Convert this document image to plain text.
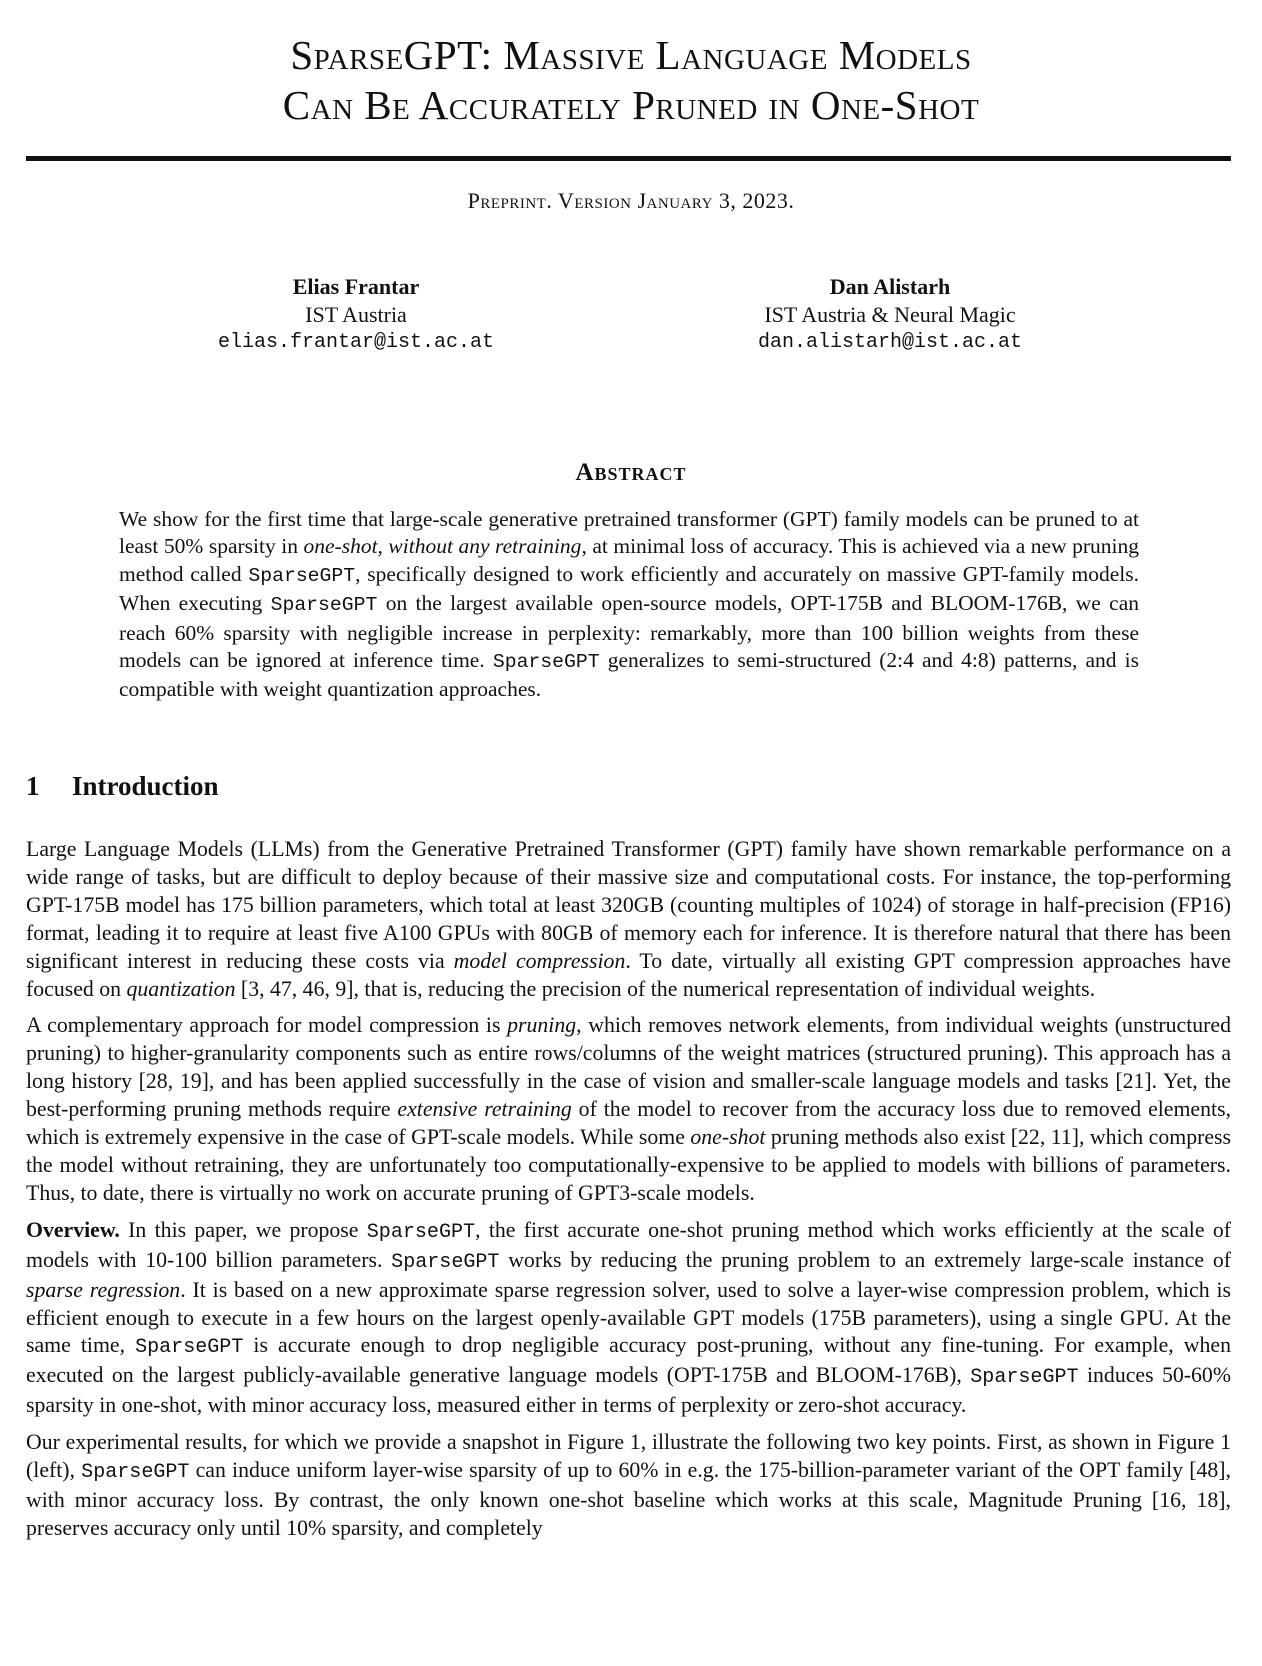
SparseGPT: Massive Language Models
Can Be Accurately Pruned in One-Shot
Preprint. Version January 3, 2023.
Elias Frantar
IST Austria
elias.frantar@ist.ac.at
Dan Alistarh
IST Austria & Neural Magic
dan.alistarh@ist.ac.at
Abstract
We show for the first time that large-scale generative pretrained transformer (GPT) family models can be pruned to at least 50% sparsity in one-shot, without any retraining, at minimal loss of accuracy. This is achieved via a new pruning method called SparseGPT, specifically designed to work efficiently and accurately on massive GPT-family models. When executing SparseGPT on the largest available open-source models, OPT-175B and BLOOM-176B, we can reach 60% sparsity with negligible increase in perplexity: remarkably, more than 100 billion weights from these models can be ignored at inference time. SparseGPT generalizes to semi-structured (2:4 and 4:8) patterns, and is compatible with weight quantization approaches.
1 Introduction

Large Language Models (LLMs) from the Generative Pretrained Transformer (GPT) family have shown remarkable performance on a wide range of tasks, but are difficult to deploy because of their massive size and computational costs. For instance, the top-performing GPT-175B model has 175 billion parameters, which total at least 320GB (counting multiples of 1024) of storage in half-precision (FP16) format, leading it to require at least five A100 GPUs with 80GB of memory each for inference. It is therefore natural that there has been significant interest in reducing these costs via model compression. To date, virtually all existing GPT compression approaches have focused on quantization [3, 47, 46, 9], that is, reducing the precision of the numerical representation of individual weights.

A complementary approach for model compression is pruning, which removes network elements, from individual weights (unstructured pruning) to higher-granularity components such as entire rows/columns of the weight matrices (structured pruning). This approach has a long history [28, 19], and has been applied successfully in the case of vision and smaller-scale language models and tasks [21]. Yet, the best-performing pruning methods require extensive retraining of the model to recover from the accuracy loss due to removed elements, which is extremely expensive in the case of GPT-scale models. While some one-shot pruning methods also exist [22, 11], which compress the model without retraining, they are unfortunately too computationally-expensive to be applied to models with billions of parameters. Thus, to date, there is virtually no work on accurate pruning of GPT3-scale models.

Overview. In this paper, we propose SparseGPT, the first accurate one-shot pruning method which works efficiently at the scale of models with 10-100 billion parameters. SparseGPT works by reducing the pruning problem to an extremely large-scale instance of sparse regression. It is based on a new approximate sparse regression solver, used to solve a layer-wise compression problem, which is efficient enough to execute in a few hours on the largest openly-available GPT models (175B parameters), using a single GPU. At the same time, SparseGPT is accurate enough to drop negligible accuracy post-pruning, without any fine-tuning. For example, when executed on the largest publicly-available generative language models (OPT-175B and BLOOM-176B), SparseGPT induces 50-60% sparsity in one-shot, with minor accuracy loss, measured either in terms of perplexity or zero-shot accuracy.

Our experimental results, for which we provide a snapshot in Figure 1, illustrate the following two key points. First, as shown in Figure 1 (left), SparseGPT can induce uniform layer-wise sparsity of up to 60% in e.g. the 175-billion-parameter variant of the OPT family [48], with minor accuracy loss. By contrast, the only known one-shot baseline which works at this scale, Magnitude Pruning [16, 18], preserves accuracy only until 10% sparsity, and completely
